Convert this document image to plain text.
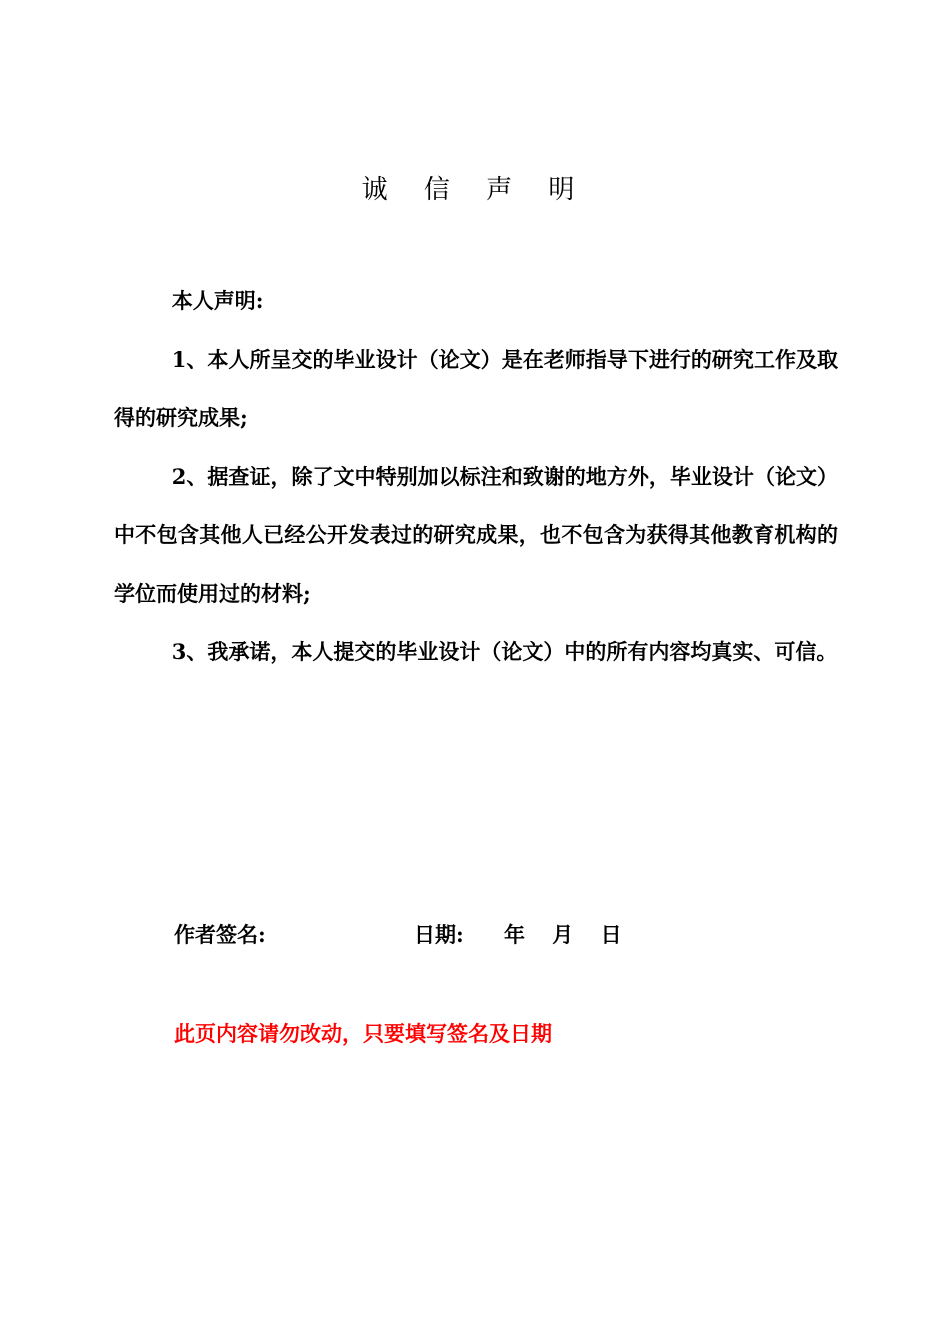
诚 信 声 明

本人声明:

1、本人所呈交的毕业设计（论文）是在老师指导下进行的研究工作及取得的研究成果;

2、据查证，除了文中特别加以标注和致谢的地方外，毕业设计（论文）中不包含其他人已经公开发表过的研究成果，也不包含为获得其他教育机构的学位而使用过的材料;

3、我承诺，本人提交的毕业设计（论文）中的所有内容均真实、可信。

作者签名:	日期: 年 月 日
此页内容请勿改动，只要填写签名及日期
